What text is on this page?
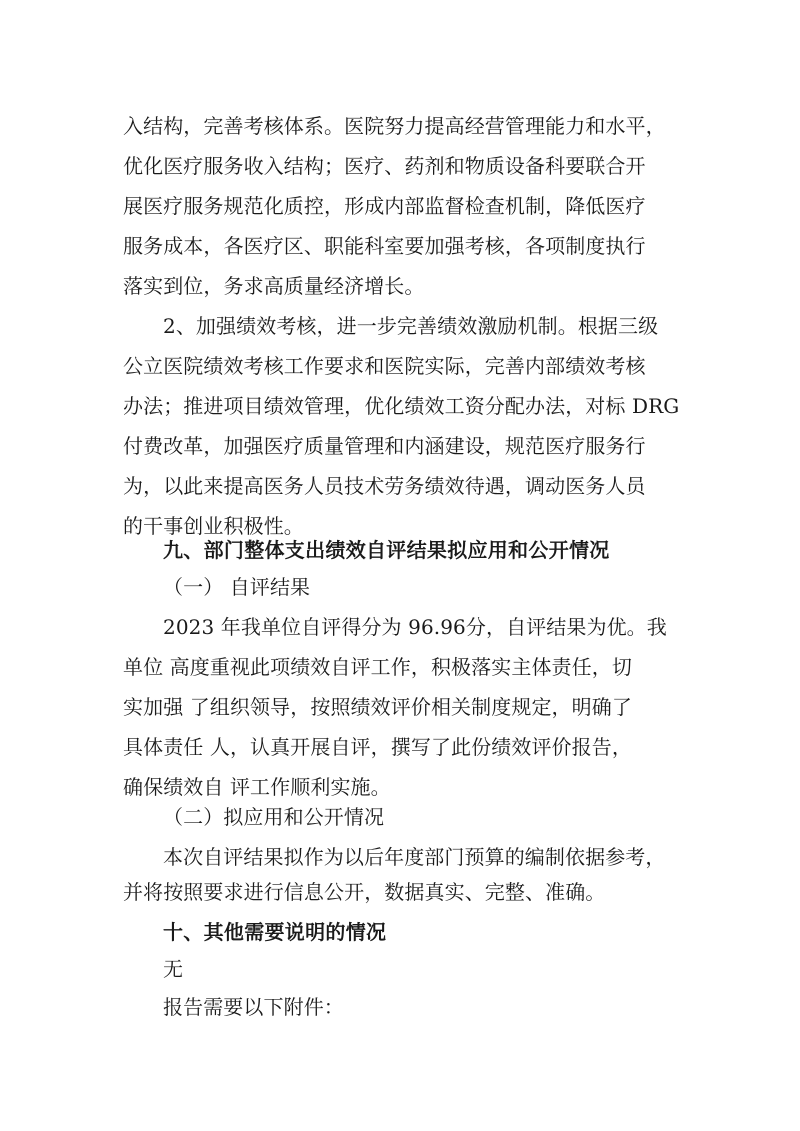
入结构，完善考核体系。医院努力提高经营管理能力和水平，

优化医疗服务收入结构；医疗、药剂和物质设备科要联合开

展医疗服务规范化质控，形成内部监督检查机制，降低医疗

服务成本，各医疗区、职能科室要加强考核，各项制度执行

落实到位，务求高质量经济增长。

2、加强绩效考核，进一步完善绩效激励机制。根据三级

公立医院绩效考核工作要求和医院实际，完善内部绩效考核

办法；推进项目绩效管理，优化绩效工资分配办法，对标 DRG

付费改革，加强医疗质量管理和内涵建设，规范医疗服务行

为，以此来提高医务人员技术劳务绩效待遇，调动医务人员

的干事创业积极性。

九、部门整体支出绩效自评结果拟应用和公开情况

（一） 自评结果

2023 年我单位自评得分为 96.96分，自评结果为优。我

单位 高度重视此项绩效自评工作，积极落实主体责任，切

实加强 了组织领导，按照绩效评价相关制度规定，明确了

具体责任 人，认真开展自评，撰写了此份绩效评价报告，

确保绩效自 评工作顺利实施。

（二）拟应用和公开情况

本次自评结果拟作为以后年度部门预算的编制依据参考，

并将按照要求进行信息公开，数据真实、完整、准确。

十、其他需要说明的情况

无

报告需要以下附件：
